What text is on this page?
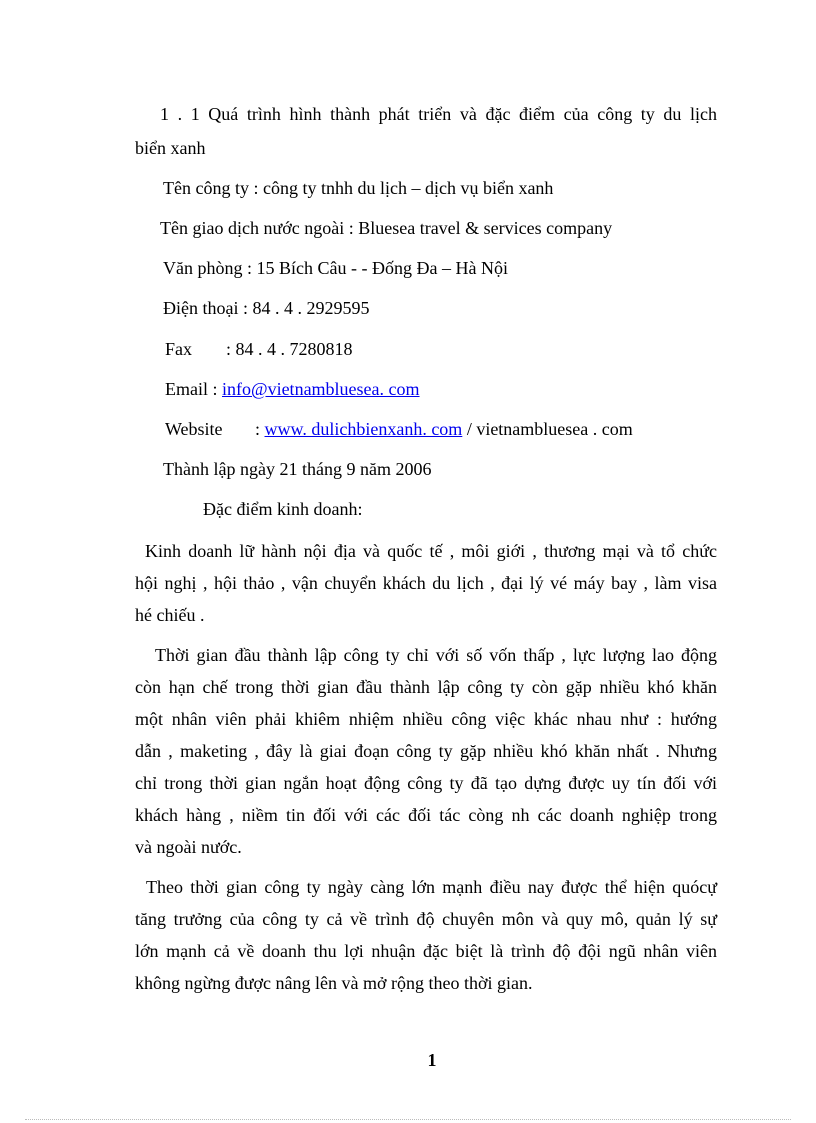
1 . 1 Quá trình hình thành phát triển và đặc điểm của công ty du lịch
biển xanh
Tên công ty : công ty tnhh du lịch – dịch vụ biển xanh
Tên giao dịch nước ngoài : Bluesea travel & services company
Văn phòng : 15 Bích Câu - - Đống Đa – Hà Nội
Điện thoại : 84 . 4 . 2929595
Fax : 84 . 4 . 7280818
Email : info@vietnambluesea. com
Website : www. dulichbienxanh. com / vietnambluesea . com
Thành lập ngày 21 tháng 9 năm 2006
Đặc điểm kinh doanh:
Kinh doanh lữ hành nội địa và quốc tế , môi giới , thương mại và tổ chức
hội nghị , hội thảo , vận chuyển khách du lịch , đại lý vé máy bay , làm visa
hé chiếu .
Thời gian đầu thành lập công ty chỉ với số vốn thấp , lực lượng lao động
còn hạn chế trong thời gian đầu thành lập công ty còn gặp nhiều khó khăn
một nhân viên phải khiêm nhiệm nhiều công việc khác nhau như : hướng
dẫn , maketing , đây là giai đoạn công ty gặp nhiều khó khăn nhất . Nhưng
chỉ trong thời gian ngắn hoạt động công ty đã tạo dựng được uy tín đối với
khách hàng , niềm tin đối với các đối tác còng nh các doanh nghiệp trong
và ngoài nước.
Theo thời gian công ty ngày càng lớn mạnh điều nay được thể hiện quócự
tăng trưởng của công ty cả về trình độ chuyên môn và quy mô, quản lý sự
lớn mạnh cả về doanh thu lợi nhuận đặc biệt là trình độ đội ngũ nhân viên
không ngừng được nâng lên và mở rộng theo thời gian.
1
